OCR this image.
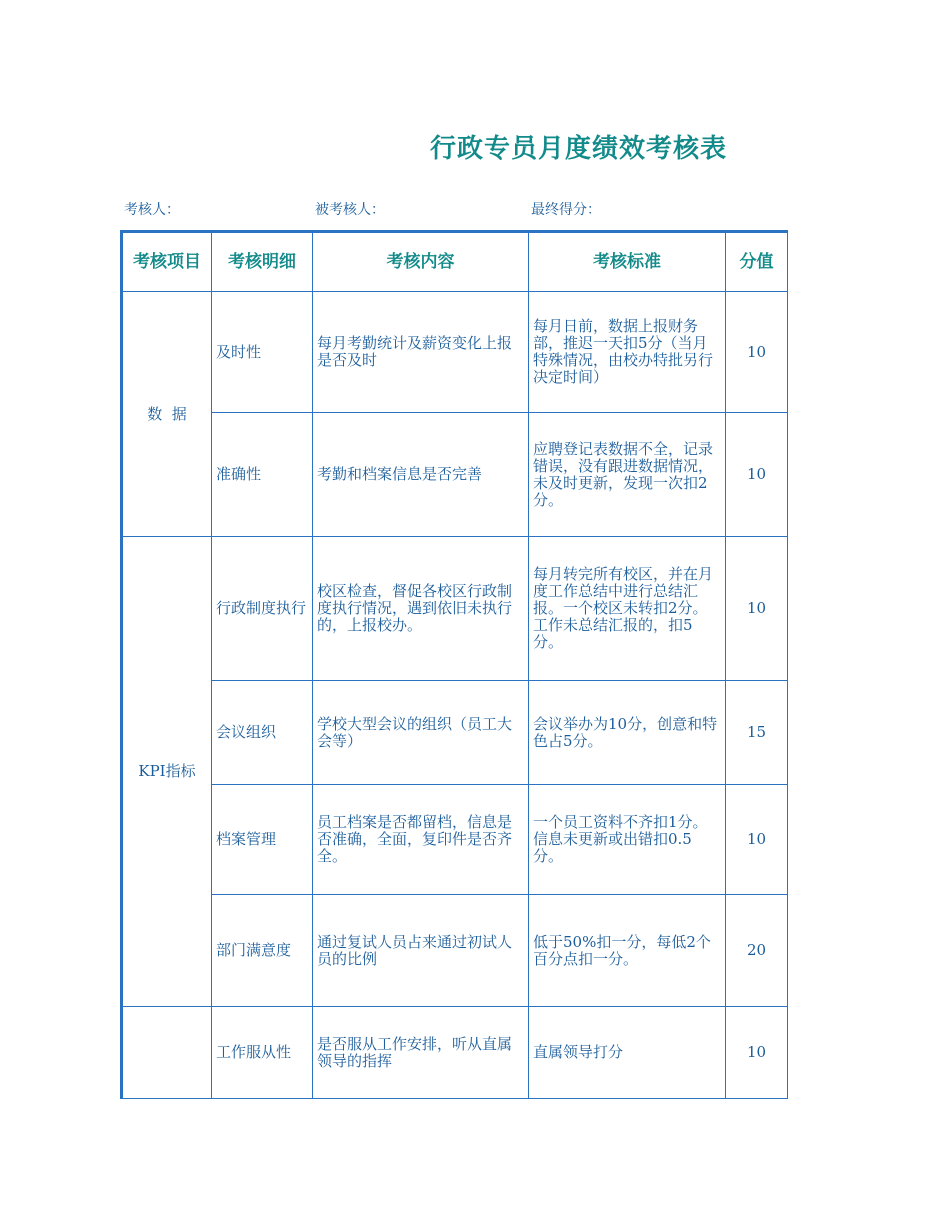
行政专员月度绩效考核表
考核人：	被考核人：	最终得分：
考核项目	考核明细	考核内容	考核标准	分值
数  据	及时性	每月考勤统计及薪资变化上报是否及时	每月日前，数据上报财务部，推迟一天扣5分（当月特殊情况，由校办特批另行决定时间）	10
	准确性	考勤和档案信息是否完善	应聘登记表数据不全，记录错误，没有跟进数据情况，未及时更新，发现一次扣2分。	10
KPI指标	行政制度执行	校区检查，督促各校区行政制度执行情况，遇到依旧未执行的，上报校办。	每月转完所有校区，并在月度工作总结中进行总结汇报。一个校区未转扣2分。工作未总结汇报的，扣5分。	10
	会议组织	学校大型会议的组织（员工大会等）	会议举办为10分，创意和特色占5分。	15
	档案管理	员工档案是否都留档，信息是否准确，全面，复印件是否齐全。	一个员工资料不齐扣1分。信息未更新或出错扣0.5分。	10
	部门满意度	通过复试人员占来通过初试人员的比例	低于50%扣一分，每低2个百分点扣一分。	20
	工作服从性	是否服从工作安排，听从直属领导的指挥	直属领导打分	10
